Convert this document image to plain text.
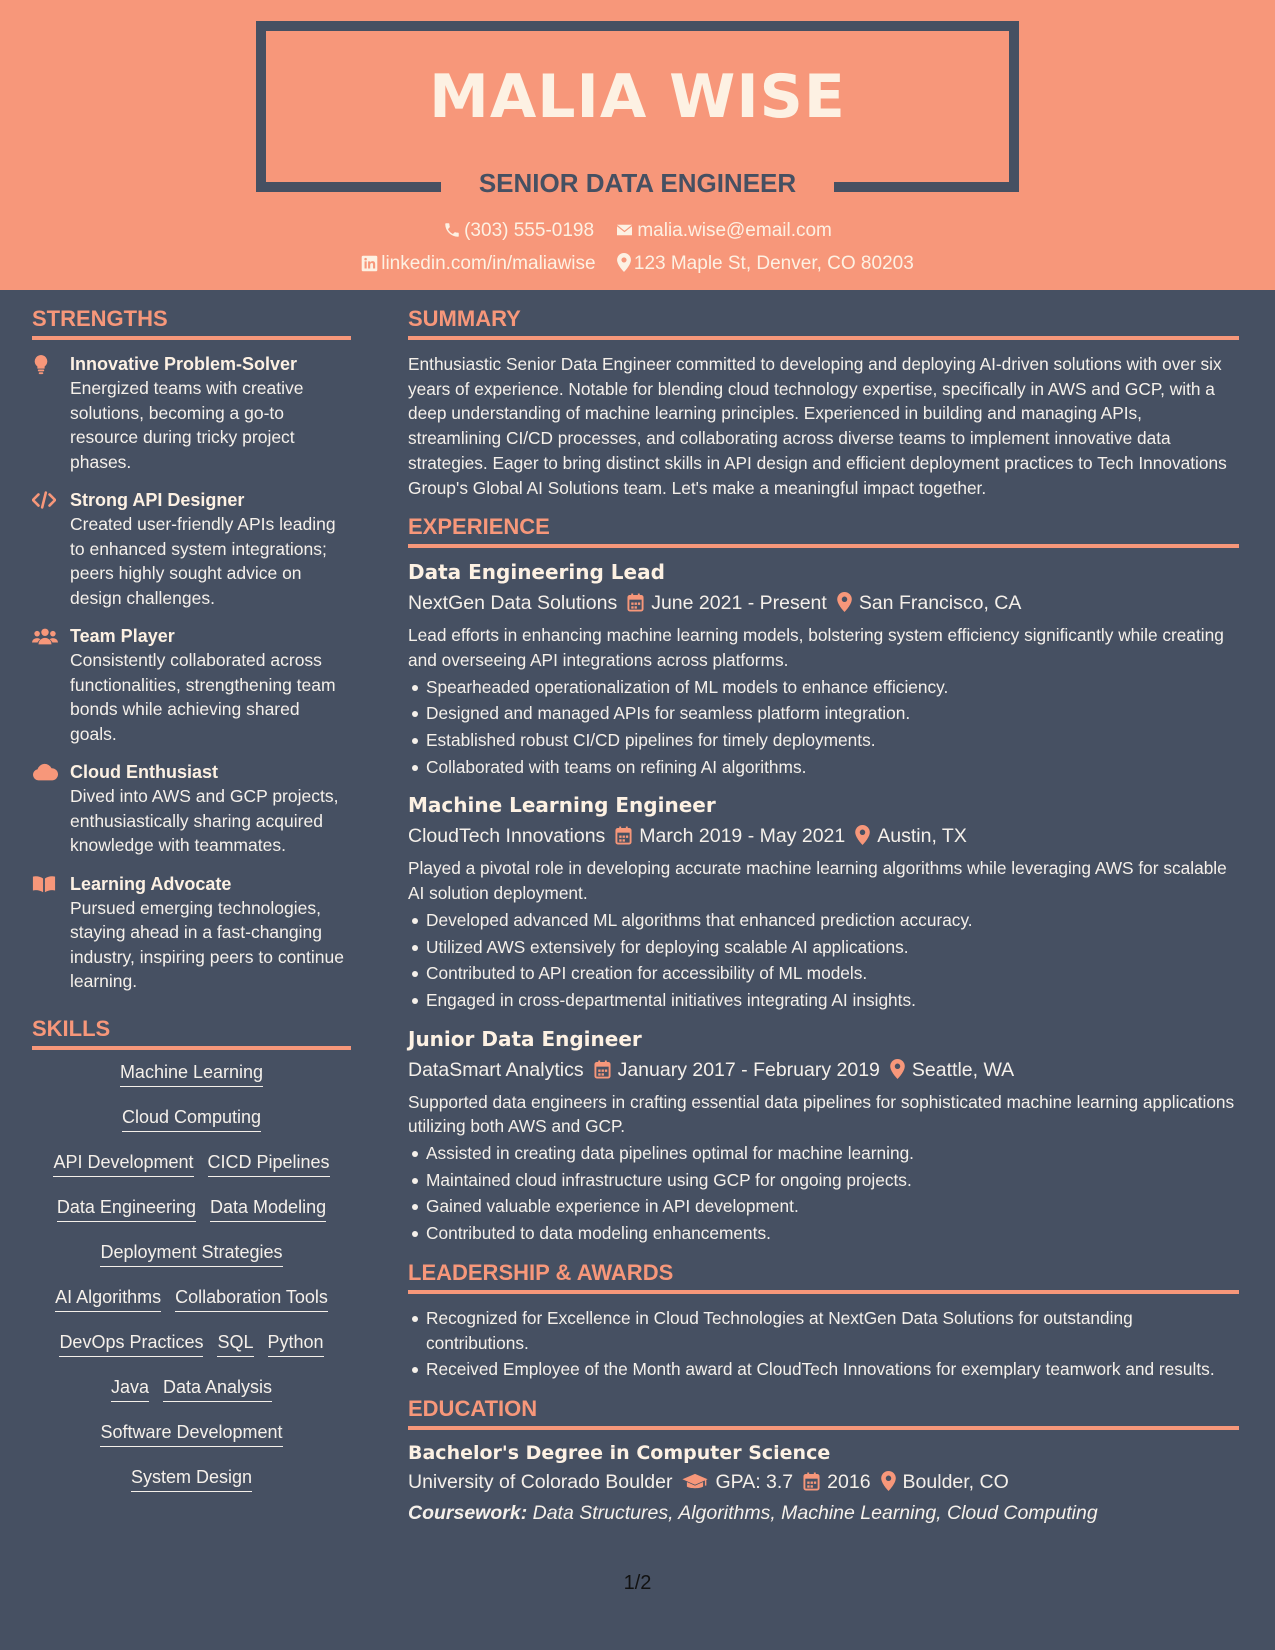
MALIA WISE
SENIOR DATA ENGINEER
(303) 555-0198 malia.wise@email.com
linkedin.com/in/maliawise 123 Maple St, Denver, CO 80203
STRENGTHS
Innovative Problem-Solver
Energized teams with creative solutions, becoming a go-to resource during tricky project phases.
Strong API Designer
Created user-friendly APIs leading to enhanced system integrations; peers highly sought advice on design challenges.
Team Player
Consistently collaborated across functionalities, strengthening team bonds while achieving shared goals.
Cloud Enthusiast
Dived into AWS and GCP projects, enthusiastically sharing acquired knowledge with teammates.
Learning Advocate
Pursued emerging technologies, staying ahead in a fast-changing industry, inspiring peers to continue learning.
SKILLS
Machine Learning
Cloud Computing
API Development CICD Pipelines
Data Engineering Data Modeling
Deployment Strategies
AI Algorithms Collaboration Tools
DevOps Practices SQL Python
Java Data Analysis
Software Development
System Design
SUMMARY
Enthusiastic Senior Data Engineer committed to developing and deploying AI-driven solutions with over six years of experience. Notable for blending cloud technology expertise, specifically in AWS and GCP, with a deep understanding of machine learning principles. Experienced in building and managing APIs, streamlining CI/CD processes, and collaborating across diverse teams to implement innovative data strategies. Eager to bring distinct skills in API design and efficient deployment practices to Tech Innovations Group's Global AI Solutions team. Let's make a meaningful impact together.
EXPERIENCE
Data Engineering Lead
NextGen Data Solutions June 2021 - Present San Francisco, CA
Lead efforts in enhancing machine learning models, bolstering system efficiency significantly while creating and overseeing API integrations across platforms.
Spearheaded operationalization of ML models to enhance efficiency.
Designed and managed APIs for seamless platform integration.
Established robust CI/CD pipelines for timely deployments.
Collaborated with teams on refining AI algorithms.
Machine Learning Engineer
CloudTech Innovations March 2019 - May 2021 Austin, TX
Played a pivotal role in developing accurate machine learning algorithms while leveraging AWS for scalable AI solution deployment.
Developed advanced ML algorithms that enhanced prediction accuracy.
Utilized AWS extensively for deploying scalable AI applications.
Contributed to API creation for accessibility of ML models.
Engaged in cross-departmental initiatives integrating AI insights.
Junior Data Engineer
DataSmart Analytics January 2017 - February 2019 Seattle, WA
Supported data engineers in crafting essential data pipelines for sophisticated machine learning applications utilizing both AWS and GCP.
Assisted in creating data pipelines optimal for machine learning.
Maintained cloud infrastructure using GCP for ongoing projects.
Gained valuable experience in API development.
Contributed to data modeling enhancements.
LEADERSHIP & AWARDS
Recognized for Excellence in Cloud Technologies at NextGen Data Solutions for outstanding contributions.
Received Employee of the Month award at CloudTech Innovations for exemplary teamwork and results.
EDUCATION
Bachelor's Degree in Computer Science
University of Colorado Boulder GPA: 3.7 2016 Boulder, CO
Coursework: Data Structures, Algorithms, Machine Learning, Cloud Computing
1/2
